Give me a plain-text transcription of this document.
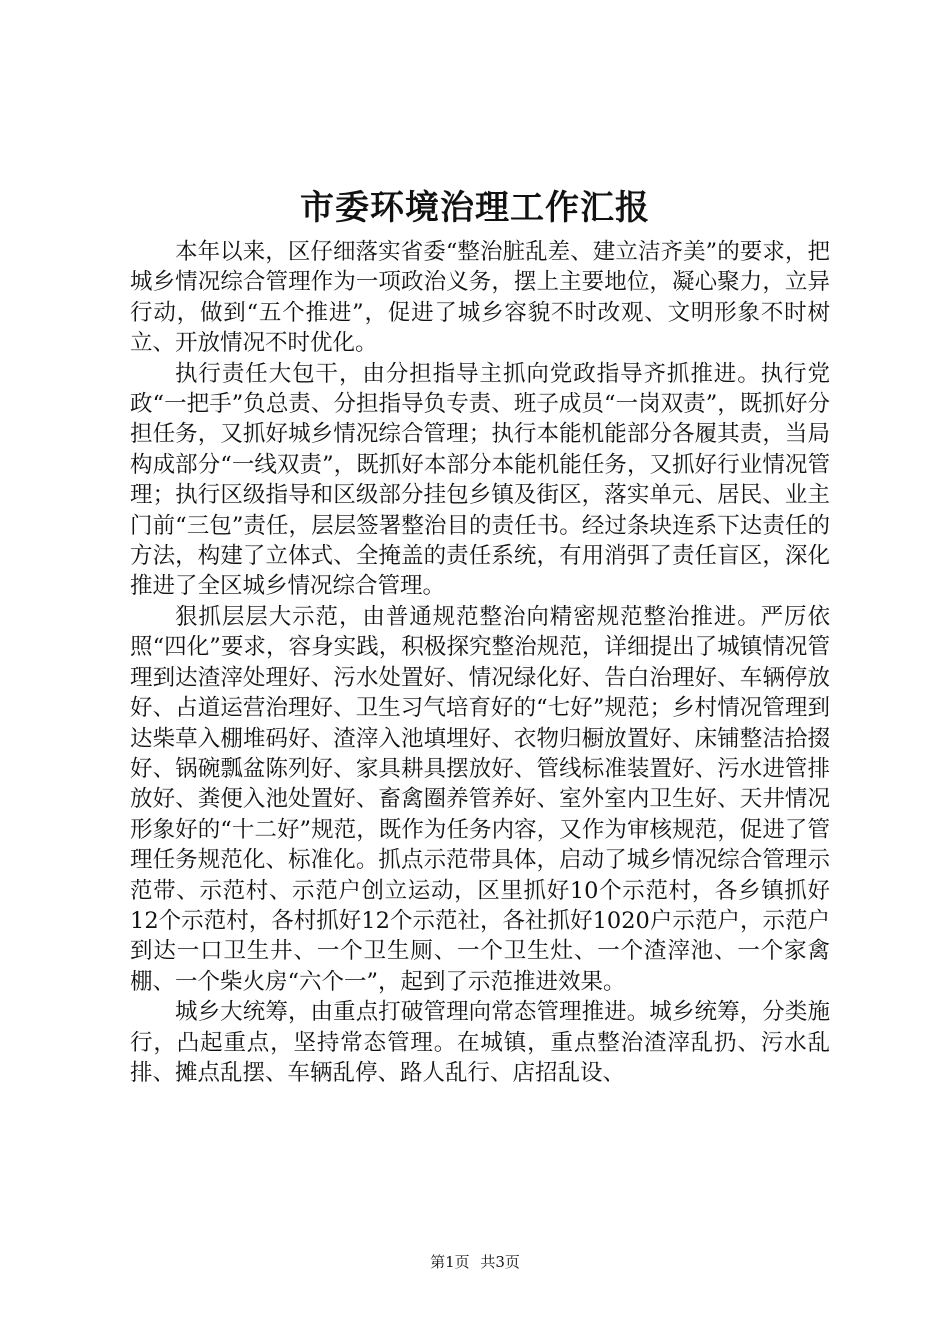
市委环境治理工作汇报

本年以来，区仔细落实省委“整治脏乱差、建立洁齐美”的要求，把城乡情况综合管理作为一项政治义务，摆上主要地位，凝心聚力，立异行动，做到“五个推进”，促进了城乡容貌不时改观、文明形象不时树立、开放情况不时优化。

执行责任大包干，由分担指导主抓向党政指导齐抓推进。执行党政“一把手”负总责、分担指导负专责、班子成员“一岗双责”，既抓好分担任务，又抓好城乡情况综合管理；执行本能机能部分各履其责，当局构成部分“一线双责”，既抓好本部分本能机能任务，又抓好行业情况管理；执行区级指导和区级部分挂包乡镇及街区，落实单元、居民、业主门前“三包”责任，层层签署整治目的责任书。经过条块连系下达责任的方法，构建了立体式、全掩盖的责任系统，有用消弭了责任盲区，深化推进了全区城乡情况综合管理。

狠抓层层大示范，由普通规范整治向精密规范整治推进。严厉依照“四化”要求，容身实践，积极探究整治规范，详细提出了城镇情况管理到达渣滓处理好、污水处置好、情况绿化好、告白治理好、车辆停放好、占道运营治理好、卫生习气培育好的“七好”规范；乡村情况管理到达柴草入棚堆码好、渣滓入池填埋好、衣物归橱放置好、床铺整洁拾掇好、锅碗瓢盆陈列好、家具耕具摆放好、管线标准装置好、污水进管排放好、粪便入池处置好、畜禽圈养管养好、室外室内卫生好、天井情况形象好的“十二好”规范，既作为任务内容，又作为审核规范，促进了管理任务规范化、标准化。抓点示范带具体，启动了城乡情况综合管理示范带、示范村、示范户创立运动，区里抓好10个示范村，各乡镇抓好12个示范村，各村抓好12个示范社，各社抓好1020户示范户，示范户到达一口卫生井、一个卫生厕、一个卫生灶、一个渣滓池、一个家禽棚、一个柴火房“六个一”，起到了示范推进效果。

城乡大统筹，由重点打破管理向常态管理推进。城乡统筹，分类施行，凸起重点，坚持常态管理。在城镇，重点整治渣滓乱扔、污水乱排、摊点乱摆、车辆乱停、路人乱行、店招乱设、

第1页 共3页
